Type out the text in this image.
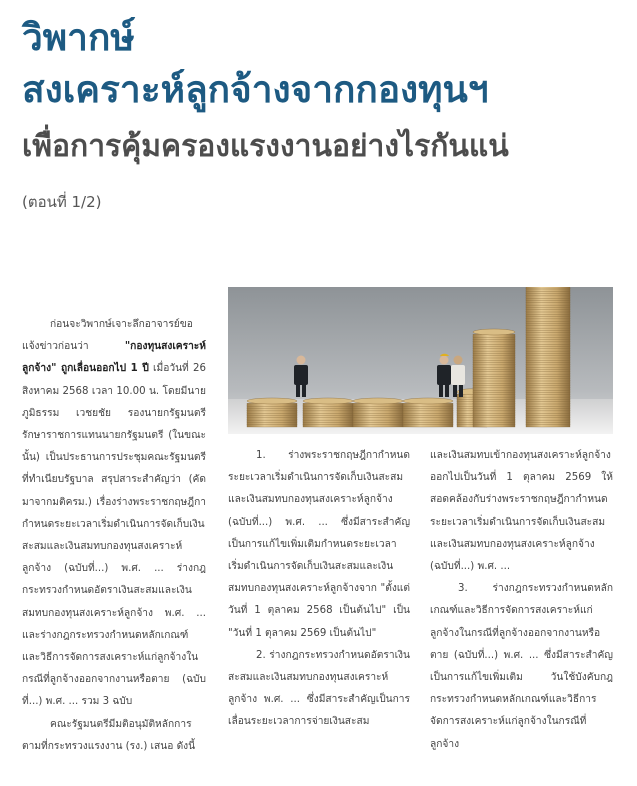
วิพากษ์
สงเคราะห์ลูกจ้างจากกองทุนฯ
เพื่อการคุ้มครองแรงงานอย่างไรกันแน่
(ตอนที่ 1/2)

ก่อนจะวิพากษ์เจาะลึกอาจารย์ขอแจ้งข่าวก่อนว่า "กองทุนสงเคราะห์ลูกจ้าง" ถูกเลื่อนออกไป 1 ปี เมื่อวันที่ 26 สิงหาคม 2568 เวลา 10.00 น. โดยมีนายภูมิธรรม เวชยชัย รองนายกรัฐมนตรี รักษาราชการแทนนายกรัฐมนตรี (ในขณะนั้น) เป็นประธานการประชุมคณะรัฐมนตรีที่ทำเนียบรัฐบาล สรุปสาระสำคัญว่า (คัดมาจากมติครม.) เรื่องร่างพระราชกฤษฎีกากำหนดระยะเวลาเริ่มดำเนินการจัดเก็บเงินสะสมและเงินสมทบกองทุนสงเคราะห์ลูกจ้าง (ฉบับที่...) พ.ศ. ... ร่างกฎกระทรวงกำหนดอัตราเงินสะสมและเงินสมทบกองทุนสงเคราะห์ลูกจ้าง พ.ศ. ... และร่างกฎกระทรวงกำหนดหลักเกณฑ์และวิธีการจัดการสงเคราะห์แก่ลูกจ้างในกรณีที่ลูกจ้างออกจากงานหรือตาย (ฉบับที่...) พ.ศ. ... รวม 3 ฉบับ

คณะรัฐมนตรีมีมติอนุมัติหลักการตามที่กระทรวงแรงงาน (รง.) เสนอ ดังนี้

1. ร่างพระราชกฤษฎีกากำหนดระยะเวลาเริ่มดำเนินการจัดเก็บเงินสะสมและเงินสมทบกองทุนสงเคราะห์ลูกจ้าง (ฉบับที่...) พ.ศ. ... ซึ่งมีสาระสำคัญเป็นการแก้ไขเพิ่มเติมกำหนดระยะเวลาเริ่มดำเนินการจัดเก็บเงินสะสมและเงินสมทบกองทุนสงเคราะห์ลูกจ้างจาก "ตั้งแต่วันที่ 1 ตุลาคม 2568 เป็นต้นไป" เป็น "วันที่ 1 ตุลาคม 2569 เป็นต้นไป"

2. ร่างกฎกระทรวงกำหนดอัตราเงินสะสมและเงินสมทบกองทุนสงเคราะห์ลูกจ้าง พ.ศ. ... ซึ่งมีสาระสำคัญเป็นการเลื่อนระยะเวลาการจ่ายเงินสะสม

และเงินสมทบเข้ากองทุนสงเคราะห์ลูกจ้างออกไปเป็นวันที่ 1 ตุลาคม 2569 ให้สอดคล้องกับร่างพระราชกฤษฎีกากำหนดระยะเวลาเริ่มดำเนินการจัดเก็บเงินสะสมและเงินสมทบกองทุนสงเคราะห์ลูกจ้าง (ฉบับที่...) พ.ศ. ...

3. ร่างกฎกระทรวงกำหนดหลักเกณฑ์และวิธีการจัดการสงเคราะห์แก่ลูกจ้างในกรณีที่ลูกจ้างออกจากงานหรือตาย (ฉบับที่...) พ.ศ. ... ซึ่งมีสาระสำคัญเป็นการแก้ไขเพิ่มเติม วันใช้บังคับกฎกระทรวงกำหนดหลักเกณฑ์และวิธีการจัดการสงเคราะห์แก่ลูกจ้างในกรณีที่ลูกจ้าง
